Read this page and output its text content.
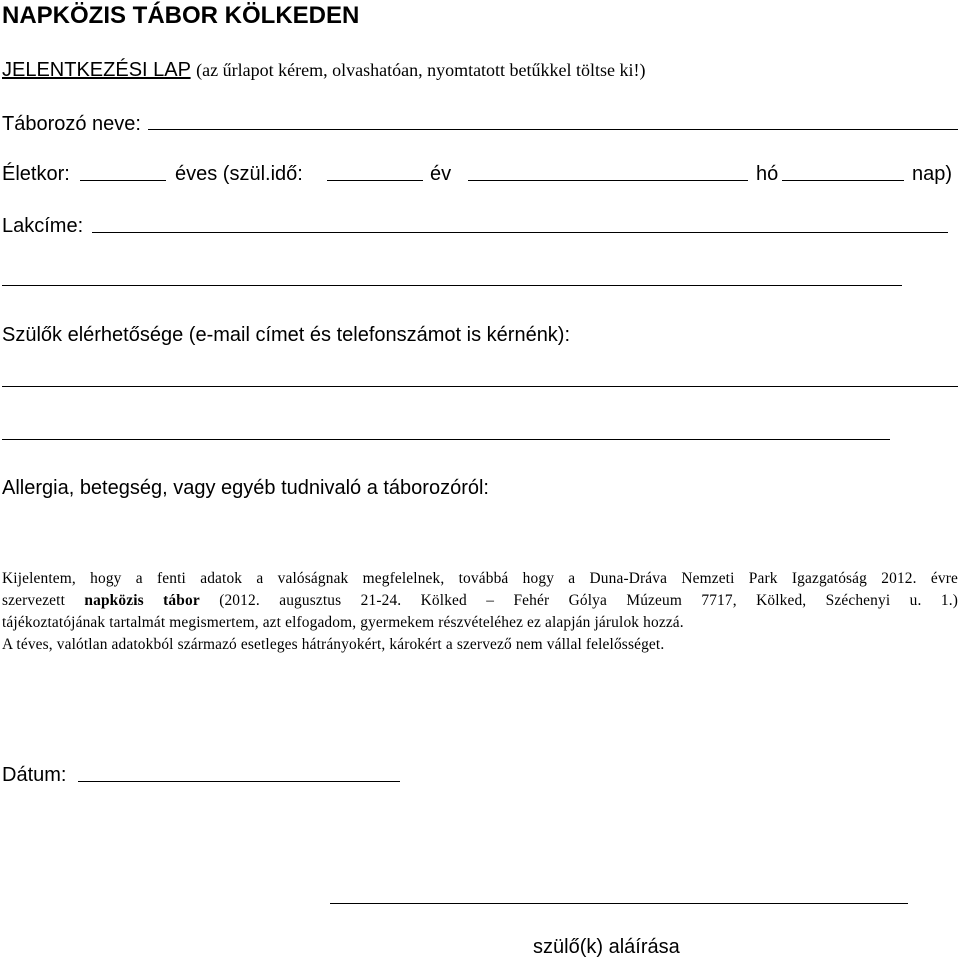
NAPKÖZIS TÁBOR KÖLKEDEN
JELENTKEZÉSI LAP (az űrlapot kérem, olvashatóan, nyomtatott betűkkel töltse ki!)
Táborozó neve:
Életkor:	éves (szül.idő:	év	hó	nap)
Lakcíme:
Szülők elérhetősége (e-mail címet és telefonszámot is kérnénk):
Allergia, betegség, vagy egyéb tudnivaló a táborozóról:
Kijelentem, hogy a fenti adatok a valóságnak megfelelnek, továbbá hogy a Duna-Dráva Nemzeti Park Igazgatóság 2012. évre
szervezett napközis tábor (2012. augusztus 21-24. Kölked – Fehér Gólya Múzeum 7717, Kölked, Széchenyi u. 1.)
tájékoztatójának tartalmát megismertem, azt elfogadom, gyermekem részvételéhez ez alapján járulok hozzá.
A téves, valótlan adatokból származó esetleges hátrányokért, károkért a szervező nem vállal felelősséget.
Dátum:
szülő(k) aláírása
